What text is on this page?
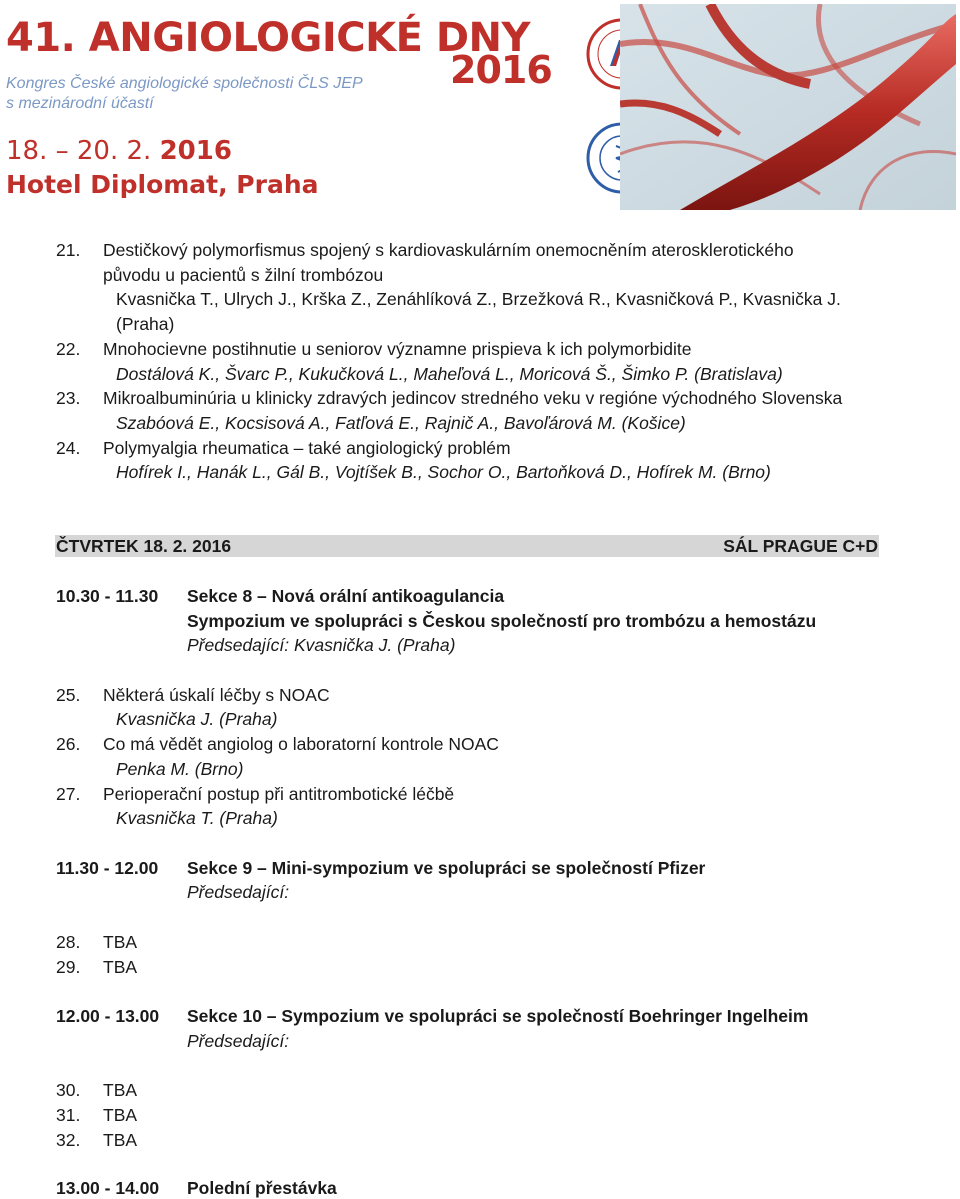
41. ANGIOLOGICKÉ DNY
2016
Kongres České angiologické společnosti ČLS JEP
s mezinárodní účastí
18. – 20. 2. 2016
Hotel Diplomat, Praha
21. Destičkový polymorfismus spojený s kardiovaskulárním onemocněním aterosklerotického
původu u pacientů s žilní trombózou
Kvasnička T., Ulrych J., Krška Z., Zenáhlíková Z., Brzežková R., Kvasničková P., Kvasnička J.
(Praha)
22. Mnohocievne postihnutie u seniorov významne prispieva k ich polymorbidite
Dostálová K., Švarc P., Kukučková L., Maheľová L., Moricová Š., Šimko P. (Bratislava)
23. Mikroalbuminúria u klinicky zdravých jedincov stredného veku v regióne východného Slovenska
Szabóová E., Kocsisová A., Fatľová E., Rajnič A., Bavoľárová M. (Košice)
24. Polymyalgia rheumatica – také angiologický problém
Hofírek I., Hanák L., Gál B., Vojtíšek B., Sochor O., Bartoňková D., Hofírek M. (Brno)
ČTVRTEK 18. 2. 2016	SÁL PRAGUE C+D
10.30 - 11.30 Sekce 8 – Nová orální antikoagulancia
Sympozium ve spolupráci s Českou společností pro trombózu a hemostázu
Předsedající: Kvasnička J. (Praha)
25. Některá úskalí léčby s NOAC
Kvasnička J. (Praha)
26. Co má vědět angiolog o laboratorní kontrole NOAC
Penka M. (Brno)
27. Perioperační postup při antitrombotické léčbě
Kvasnička T. (Praha)
11.30 - 12.00 Sekce 9 – Mini-sympozium ve spolupráci se společností Pfizer
Předsedající:
28. TBA
29. TBA
12.00 - 13.00 Sekce 10 – Sympozium ve spolupráci se společností Boehringer Ingelheim
Předsedající:
30. TBA
31. TBA
32. TBA
13.00 - 14.00 Polední přestávka
